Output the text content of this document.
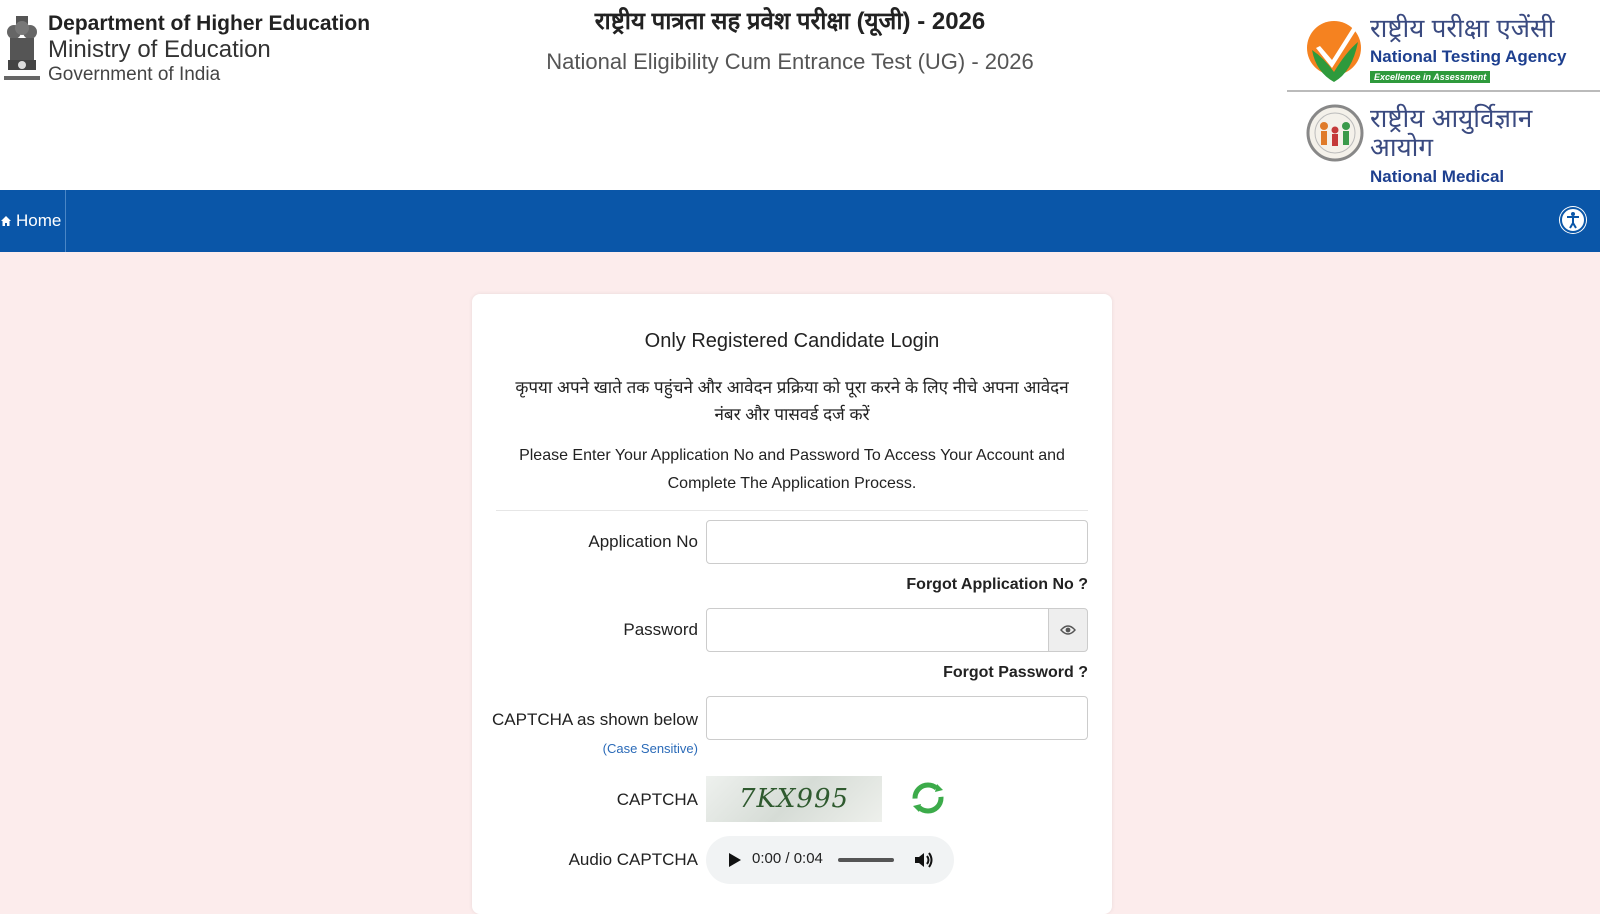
Department of Higher Education
Ministry of Education
Government of India
राष्ट्रीय पात्रता सह प्रवेश परीक्षा (यूजी) - 2026
National Eligibility Cum Entrance Test (UG) - 2026
राष्ट्रीय परीक्षा एजेंसी
National Testing Agency
Excellence in Assessment
राष्ट्रीय आयुर्विज्ञान आयोग
National Medical
Home
Only Registered Candidate Login
कृपया अपने खाते तक पहुंचने और आवेदन प्रक्रिया को पूरा करने के लिए नीचे अपना आवेदन नंबर और पासवर्ड दर्ज करें
Please Enter Your Application No and Password To Access Your Account and Complete The Application Process.
Application No
Forgot Application No ?
Password
Forgot Password ?
CAPTCHA as shown below (Case Sensitive)
CAPTCHA	7KX995
Audio CAPTCHA	0:00 / 0:04
